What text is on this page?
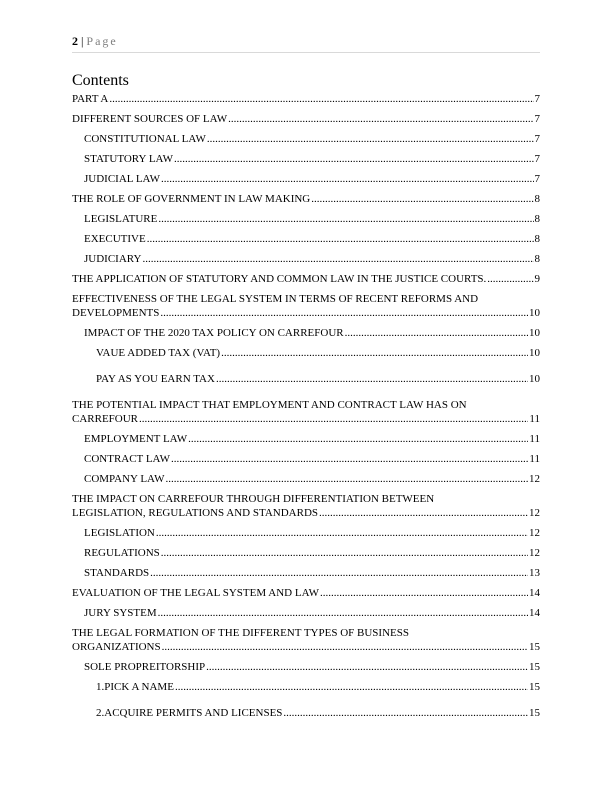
2 | Page
Contents
PART A .....	7
DIFFERENT SOURCES OF LAW .....	7
CONSTITUTIONAL LAW .....	7
STATUTORY LAW .....	7
JUDICIAL LAW .....	7
THE ROLE OF GOVERNMENT IN LAW MAKING .....	8
LEGISLATURE .....	8
EXECUTIVE .....	8
JUDICIARY .....	8
THE APPLICATION OF STATUTORY AND COMMON LAW IN THE JUSTICE COURTS. .....	9
EFFECTIVENESS OF THE LEGAL SYSTEM IN TERMS OF RECENT REFORMS AND
DEVELOPMENTS .....	10
IMPACT OF THE 2020 TAX POLICY ON CARREFOUR .....	10
VAUE ADDED TAX (VAT) .....	10
PAY AS YOU EARN TAX .....	10
THE POTENTIAL IMPACT THAT EMPLOYMENT AND CONTRACT LAW HAS ON
CARREFOUR .....	11
EMPLOYMENT LAW .....	11
CONTRACT LAW .....	11
COMPANY LAW .....	12
THE IMPACT ON CARREFOUR THROUGH DIFFERENTIATION BETWEEN
LEGISLATION, REGULATIONS AND STANDARDS .....	12
LEGISLATION .....	12
REGULATIONS .....	12
STANDARDS .....	13
EVALUATION OF THE LEGAL SYSTEM AND LAW .....	14
JURY SYSTEM .....	14
THE LEGAL FORMATION OF THE DIFFERENT TYPES OF BUSINESS
ORGANIZATIONS .....	15
SOLE PROPREITORSHIP .....	15
1.PICK A NAME .....	15
2.ACQUIRE PERMITS AND LICENSES .....	15
